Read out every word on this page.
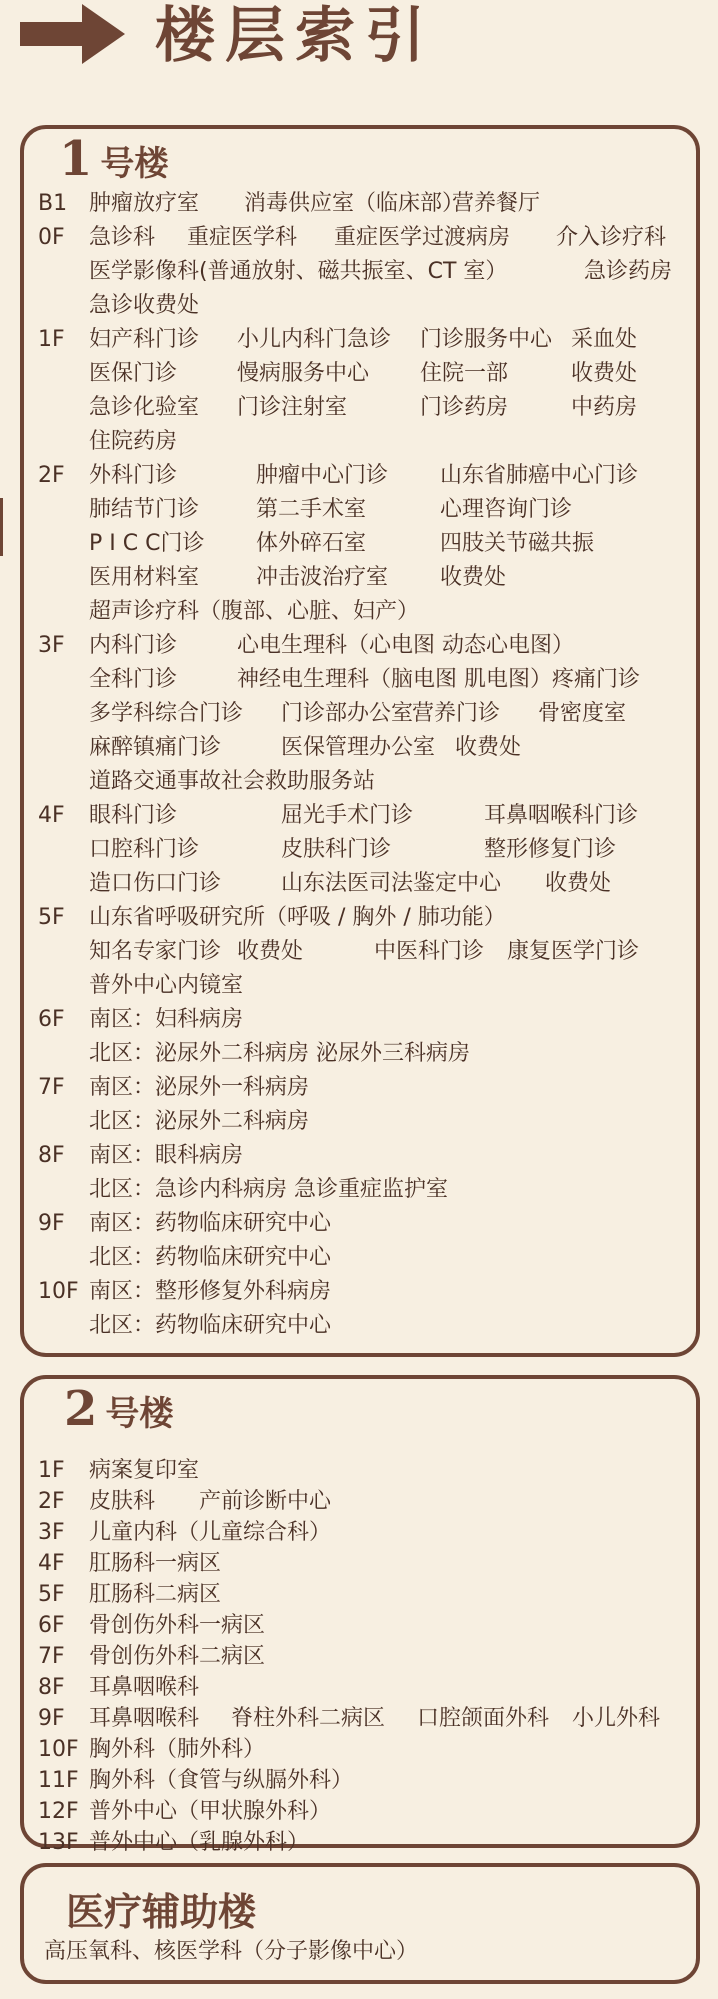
楼层索引
1 号楼
B1 肿瘤放疗室 消毒供应室（临床部）
营养餐厅
0F 急诊科 重症医学科 重症医学过渡病房 介入诊疗科
医学影像科(普通放射、磁共振室、CT 室）	急诊药房
急诊收费处
1F 妇产科门诊 小儿内科门急诊 门诊服务中心 采血处
医保门诊	慢病服务中心 住院一部	收费处
急诊化验室 门诊注射室	门诊药房	中药房
住院药房
2F 外科门诊	肿瘤中心门诊 山东省肺癌中心门诊
肺结节门诊	第二手术室	心理咨询门诊
P I C C门诊 体外碎石室	四肢关节磁共振
医用材料室	冲击波治疗室 收费处
超声诊疗科（腹部、心脏、妇产）
3F 内科门诊	心电生理科（心电图 动态心电图）
全科门诊	神经电生理科（脑电图 肌电图）疼痛门诊
多学科综合门诊 门诊部办公室
营养门诊 骨密度室
麻醉镇痛门诊	医保管理办公室 收费处
道路交通事故社会救助服务站
4F 眼科门诊	屈光手术门诊	耳鼻咽喉科门诊
口腔科门诊	皮肤科门诊	整形修复门诊
造口伤口门诊	山东法医司法鉴定中心 收费处
5F 山东省呼吸研究所（呼吸 / 胸外 / 肺功能）
知名专家门诊 收费处	中医科门诊 康复医学门诊
普外中心内镜室
6F 南区：妇科病房
北区：泌尿外二科病房 泌尿外三科病房
7F 南区：泌尿外一科病房
北区：泌尿外二科病房
8F 南区：眼科病房
北区：急诊内科病房 急诊重症监护室
9F 南区：药物临床研究中心
北区：药物临床研究中心
10F 南区：整形修复外科病房
北区：药物临床研究中心
2 号楼
1F 病案复印室
2F 皮肤科 产前诊断中心
3F 儿童内科（儿童综合科）
4F 肛肠科一病区
5F 肛肠科二病区
6F 骨创伤外科一病区
7F 骨创伤外科二病区
8F 耳鼻咽喉科
9F 耳鼻咽喉科 脊柱外科二病区 口腔颌面外科 小儿外科
10F 胸外科（肺外科）
11F 胸外科（食管与纵膈外科）
12F 普外中心（甲状腺外科）
13F 普外中心（乳腺外科）
医疗辅助楼
高压氧科、核医学科（分子影像中心）
